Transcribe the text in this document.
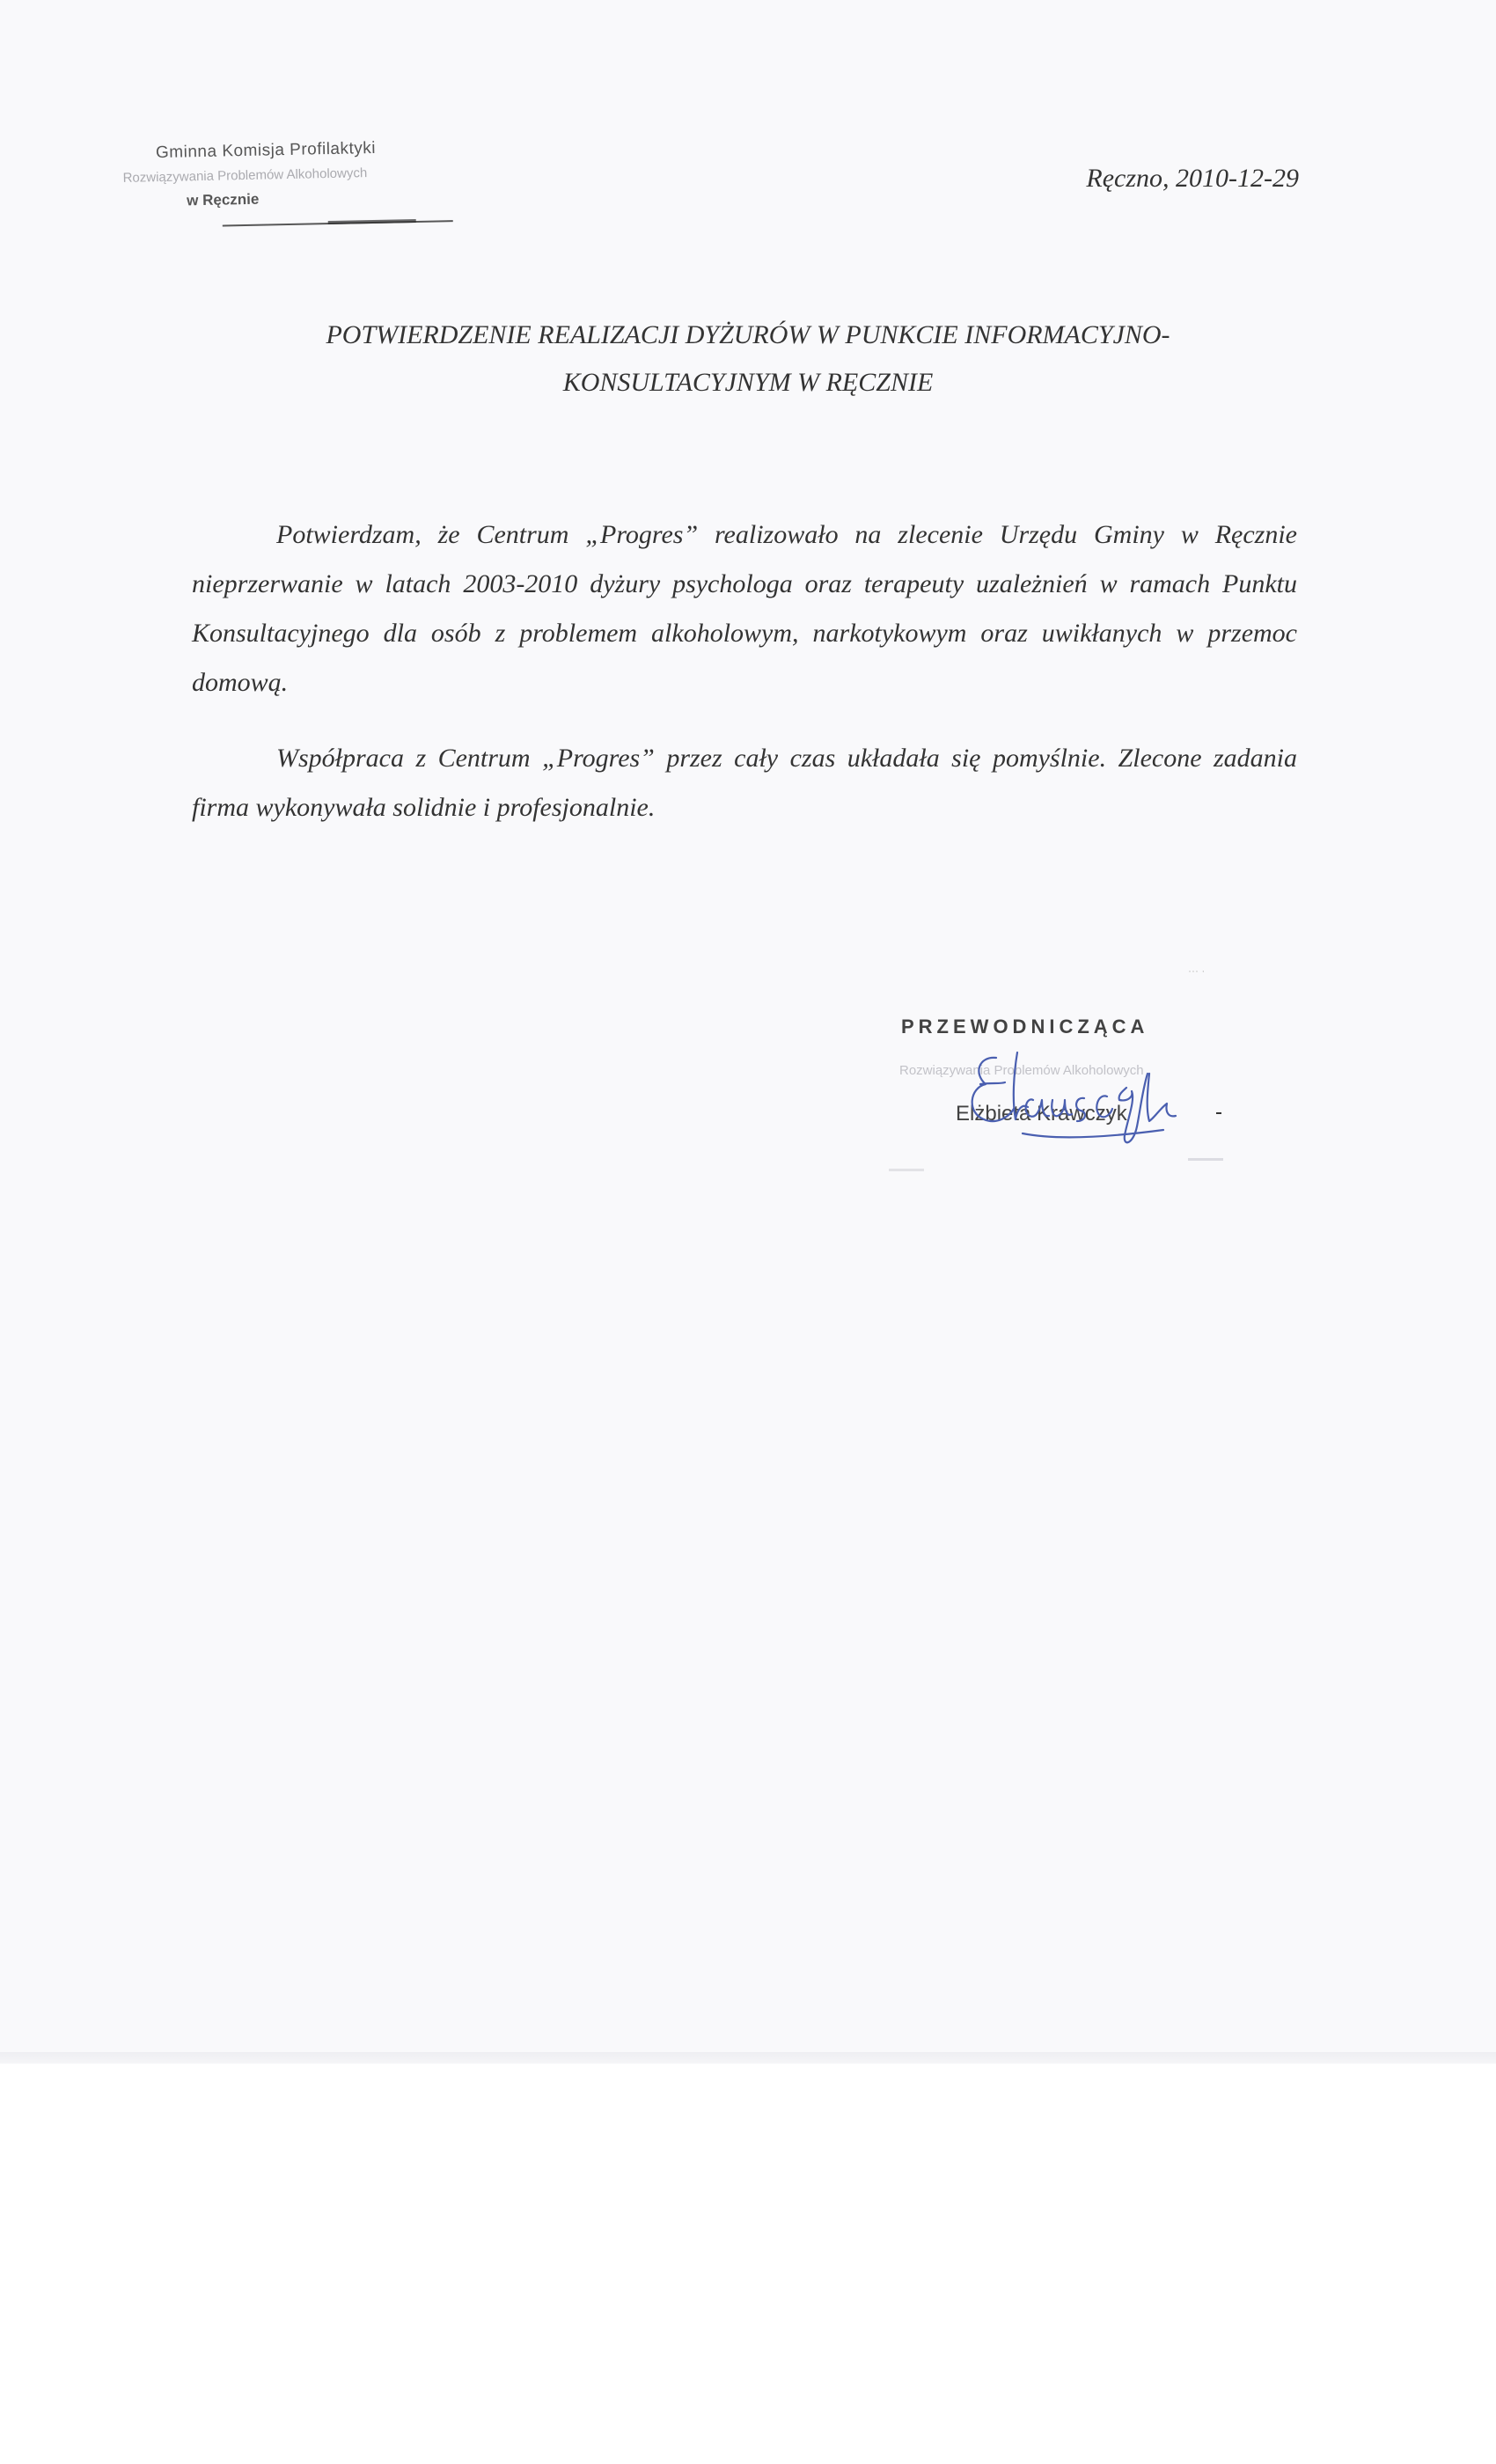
Gminna Komisja Profilaktyki
Rozwiązywania Problemów Alkoholowych
w Ręcznie
Ręczno, 2010-12-29
POTWIERDZENIE REALIZACJI DYŻURÓW W PUNKCIE INFORMACYJNO-
KONSULTACYJNYM W RĘCZNIE

Potwierdzam, że Centrum „Progres” realizowało na zlecenie Urzędu Gminy w Ręcznie nieprzerwanie w latach 2003-2010 dyżury psychologa oraz terapeuty uzależnień w ramach Punktu Konsultacyjnego dla osób z problemem alkoholowym, narkotykowym oraz uwikłanych w przemoc domową.

Współpraca z Centrum „Progres” przez cały czas układała się pomyślnie. Zlecone zadania firma wykonywała solidnie i profesjonalnie.

··· ·
PRZEWODNICZĄCA
Rozwiązywania Problemów Alkoholowych
Elżbieta Krawczyk
